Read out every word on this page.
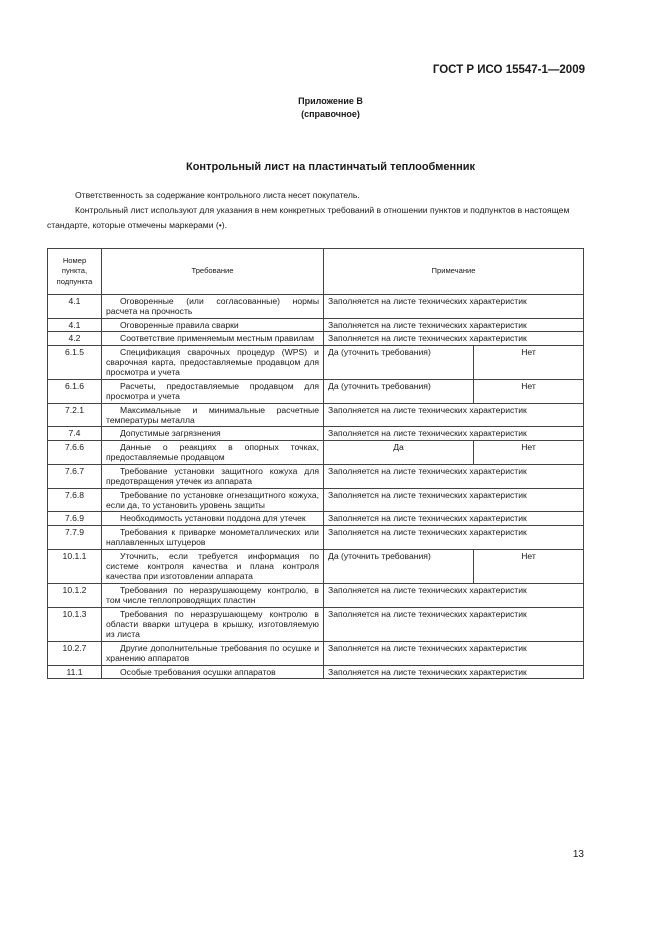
ГОСТ Р ИСО 15547-1—2009
Приложение В
(справочное)
Контрольный лист на пластинчатый теплообменник
Ответственность за содержание контрольного листа несет покупатель.
Контрольный лист используют для указания в нем конкретных требований в отношении пунктов и подпунктов в настоящем стандарте, которые отмечены маркерами (•).
Номер пункта, подпункта	Требование	Примечание	
4.1	Оговоренные (или согласованные) нормы расчета на прочность	Заполняется на листе технических характеристик	
4.1	Оговоренные правила сварки	Заполняется на листе технических характеристик	
4.2	Соответствие применяемым местным правилам	Заполняется на листе технических характеристик	
6.1.5	Спецификация сварочных процедур (WPS) и сварочная карта, предоставляемые продавцом для просмотра и учета	Да (уточнить требования)	Нет
6.1.6	Расчеты, предоставляемые продавцом для просмотра и учета	Да (уточнить требования)	Нет
7.2.1	Максимальные и минимальные расчетные температуры металла	Заполняется на листе технических характеристик	
7.4	Допустимые загрязнения	Заполняется на листе технических характеристик	
7.6.6	Данные о реакциях в опорных точках, предоставляемые продавцом	Да	Нет
7.6.7	Требование установки защитного кожуха для предотвращения утечек из аппарата	Заполняется на листе технических характеристик	
7.6.8	Требование по установке огнезащитного кожуха, если да, то установить уровень защиты	Заполняется на листе технических характеристик	
7.6.9	Необходимость установки поддона для утечек	Заполняется на листе технических характеристик	
7.7.9	Требования к приварке монометаллических или наплавленных штуцеров	Заполняется на листе технических характеристик	
10.1.1	Уточнить, если требуется информация по системе контроля качества и плана контроля качества при изготовлении аппарата	Да (уточнить требования)	Нет
10.1.2	Требования по неразрушающему контролю, в том числе теплопроводящих пластин	Заполняется на листе технических характеристик	
10.1.3	Требования по неразрушающему контролю в области вварки штуцера в крышку, изготовляемую из листа	Заполняется на листе технических характеристик	
10.2.7	Другие дополнительные требования по осушке и хранению аппаратов	Заполняется на листе технических характеристик	
11.1	Особые требования осушки аппаратов	Заполняется на листе технических характеристик	
13
